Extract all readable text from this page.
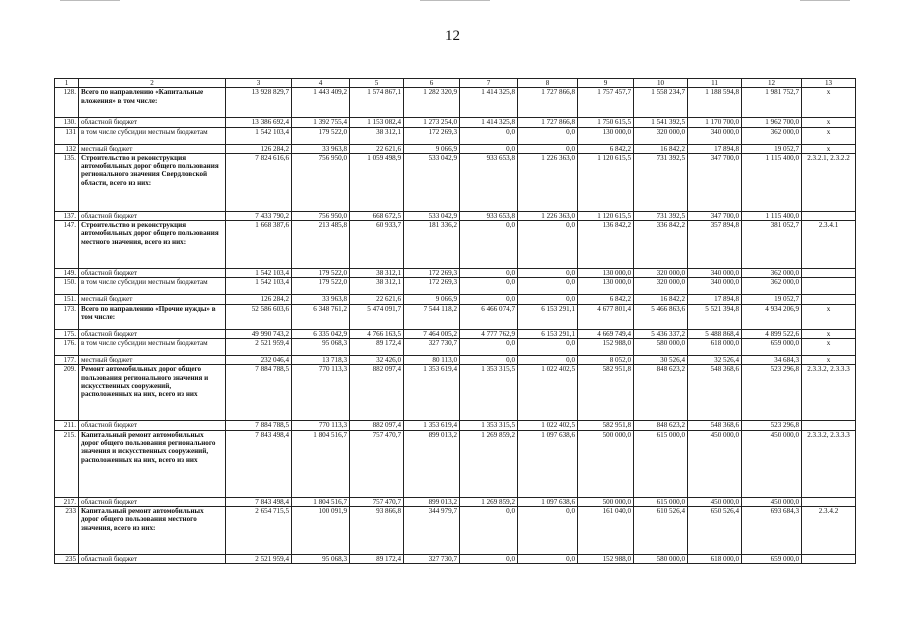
12
1	2	3	4	5	6	7	8	9	10	11	12	13
128.	Всего по направлению «Капитальные вложения» в том числе:	13 928 829,7	1 443 409,2	1 574 867,1	1 282 320,9	1 414 325,8	1 727 866,8	1 757 457,7	1 558 234,7	1 188 594,8	1 981 752,7	х
130.	областной бюджет	13 386 692,4	1 392 755,4	1 153 082,4	1 273 254,0	1 414 325,8	1 727 866,8	1 750 615,5	1 541 392,5	1 170 700,0	1 962 700,0	х
131	в том числе субсидии местным бюджетам	1 542 103,4	179 522,0	38 312,1	172 269,3	0,0	0,0	130 000,0	320 000,0	340 000,0	362 000,0	х
132	местный бюджет	126 284,2	33 963,8	22 621,6	9 066,9	0,0	0,0	6 842,2	16 842,2	17 894,8	19 052,7	х
135.	Строительство и реконструкция автомобильных дорог общего пользования регионального значения Свердловской области, всего из них:	7 824 616,6	756 950,0	1 059 498,9	533 042,9	933 653,8	1 226 363,0	1 120 615,5	731 392,5	347 700,0	1 115 400,0	2.3.2.1, 2.3.2.2
137.	областной бюджет	7 433 790,2	756 950,0	668 672,5	533 042,9	933 653,8	1 226 363,0	1 120 615,5	731 392,5	347 700,0	1 115 400,0	
147.	Строительство и реконструкция автомобильных дорог общего пользования местного значения, всего из них:	1 668 387,6	213 485,8	60 933,7	181 336,2	0,0	0,0	136 842,2	336 842,2	357 894,8	381 052,7	2.3.4.1
149.	областной бюджет	1 542 103,4	179 522,0	38 312,1	172 269,3	0,0	0,0	130 000,0	320 000,0	340 000,0	362 000,0	
150.	в том числе субсидии местным бюджетам	1 542 103,4	179 522,0	38 312,1	172 269,3	0,0	0,0	130 000,0	320 000,0	340 000,0	362 000,0	
151.	местный бюджет	126 284,2	33 963,8	22 621,6	9 066,9	0,0	0,0	6 842,2	16 842,2	17 894,8	19 052,7	
173.	Всего по направлению «Прочие нужды» в том числе:	52 586 603,6	6 348 761,2	5 474 091,7	7 544 118,2	6 466 074,7	6 153 291,1	4 677 801,4	5 466 863,6	5 521 394,8	4 934 206,9	х
175.	областной бюджет	49 990 743,2	6 335 042,9	4 766 163,5	7 464 005,2	4 777 762,9	6 153 291,1	4 669 749,4	5 436 337,2	5 488 868,4	4 899 522,6	х
176.	в том числе субсидии местным бюджетам	2 521 959,4	95 068,3	89 172,4	327 730,7	0,0	0,0	152 988,0	580 000,0	618 000,0	659 000,0	х
177.	местный бюджет	232 046,4	13 718,3	32 426,0	80 113,0	0,0	0,0	8 052,0	30 526,4	32 526,4	34 684,3	х
209.	Ремонт автомобильных дорог общего пользования регионального значения и искусственных сооружений, расположенных на них, всего из них	7 884 788,5	770 113,3	882 097,4	1 353 619,4	1 353 315,5	1 022 402,5	582 951,8	848 623,2	548 368,6	523 296,8	2.3.3.2, 2.3.3.3
211.	областной бюджет	7 884 788,5	770 113,3	882 097,4	1 353 619,4	1 353 315,5	1 022 402,5	582 951,8	848 623,2	548 368,6	523 296,8	
215.	Капитальный ремонт автомобильных дорог общего пользования регионального значения и искусственных сооружений, расположенных на них, всего из них	7 843 498,4	1 804 516,7	757 470,7	899 013,2	1 269 859,2	1 097 638,6	500 000,0	615 000,0	450 000,0	450 000,0	2.3.3.2, 2.3.3.3
217.	областной бюджет	7 843 498,4	1 804 516,7	757 470,7	899 013,2	1 269 859,2	1 097 638,6	500 000,0	615 000,0	450 000,0	450 000,0	
233	Капитальный ремонт автомобильных дорог общего пользования местного значения, всего из них:	2 654 715,5	100 091,9	93 866,8	344 979,7	0,0	0,0	161 040,0	610 526,4	650 526,4	693 684,3	2.3.4.2
235	областной бюджет	2 521 959,4	95 068,3	89 172,4	327 730,7	0,0	0,0	152 988,0	580 000,0	618 000,0	659 000,0	
